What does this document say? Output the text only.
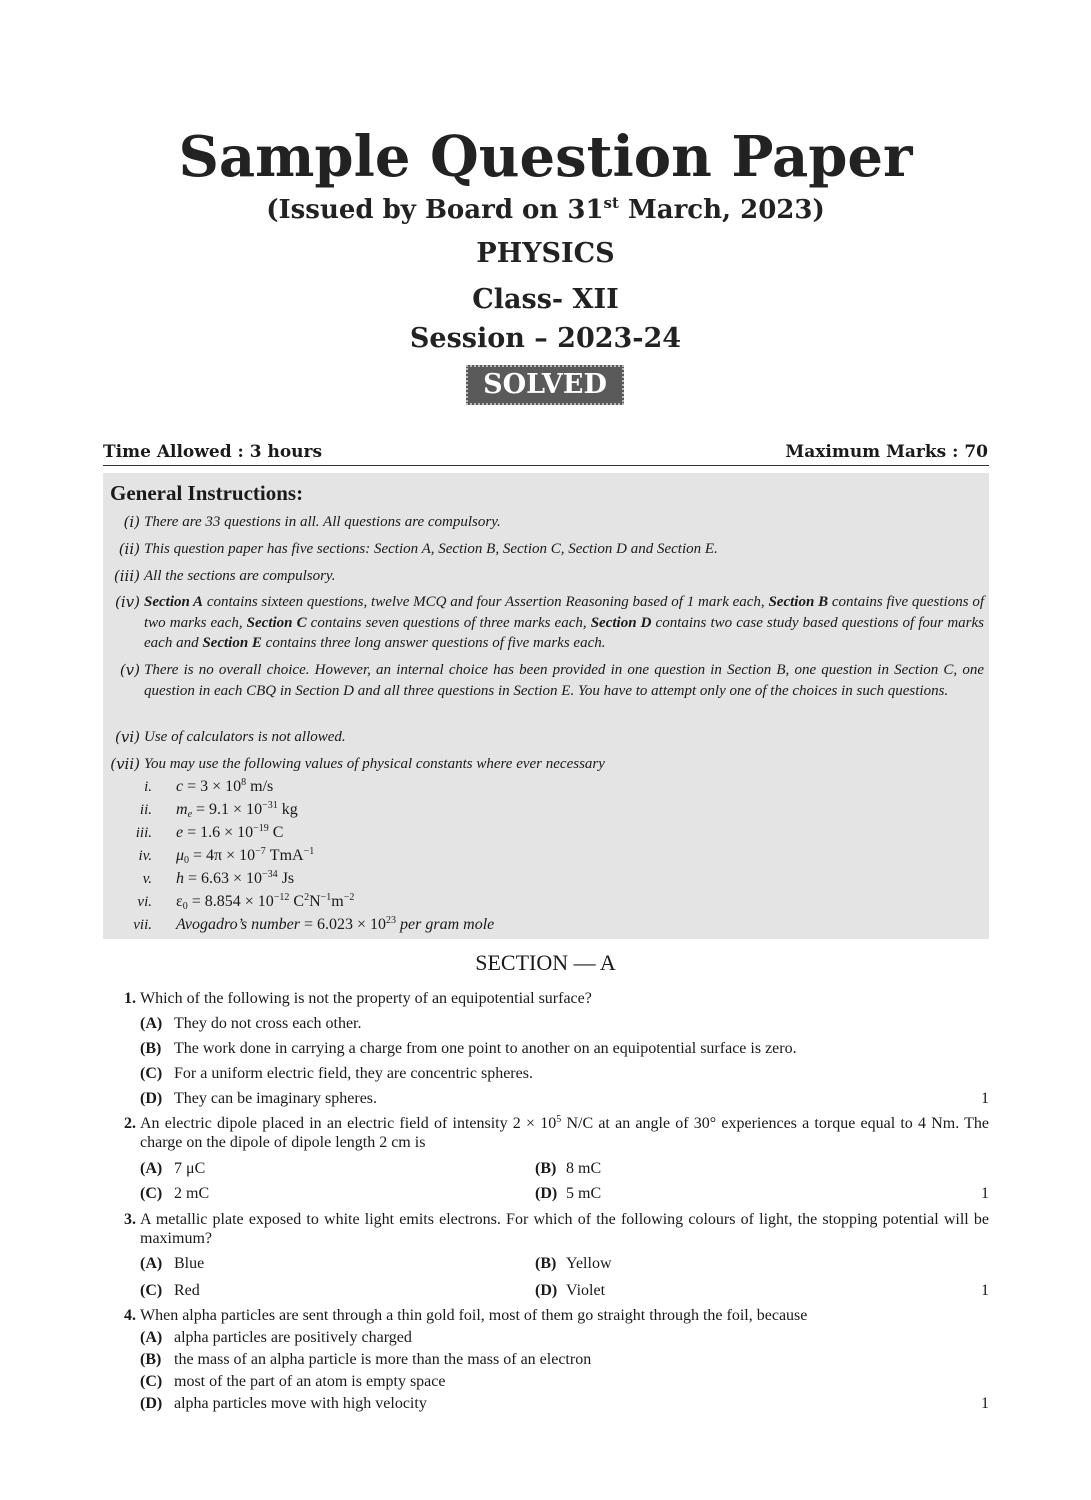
Sample Question Paper
(Issued by Board on 31st March, 2023)
PHYSICS
Class- XII
Session – 2023-24
SOLVED
Time Allowed : 3 hours	Maximum Marks : 70
General Instructions:
(i) There are 33 questions in all. All questions are compulsory.
(ii) This question paper has five sections: Section A, Section B, Section C, Section D and Section E.
(iii) All the sections are compulsory.
(iv) Section A contains sixteen questions, twelve MCQ and four Assertion Reasoning based of 1 mark each, Section B contains five questions of two marks each, Section C contains seven questions of three marks each, Section D contains two case study based questions of four marks each and Section E contains three long answer questions of five marks each.
(v) There is no overall choice. However, an internal choice has been provided in one question in Section B, one question in Section C, one question in each CBQ in Section D and all three questions in Section E. You have to attempt only one of the choices in such questions.
(vi) Use of calculators is not allowed.
(vii) You may use the following values of physical constants where ever necessary
i. $c = 3 \times 10^8$ m/s
ii. $m_e = 9.1 \times 10^{-31}$ kg
iii. $e = 1.6 \times 10^{-19}$ C
iv. $\mu_0 = 4\pi \times 10^{-7}$ TmA$^{-1}$
v. $h = 6.63 \times 10^{-34}$ Js
vi. $\varepsilon_0 = 8.854 \times 10^{-12}$ $C^2N^{-1}m^{-2}$
vii. Avogadro’s number = $6.023 \times 10^{23}$ per gram mole
SECTION — A
1. Which of the following is not the property of an equipotential surface?
(A) They do not cross each other.
(B) The work done in carrying a charge from one point to another on an equipotential surface is zero.
(C) For a uniform electric field, they are concentric spheres.
(D) They can be imaginary spheres.	1
2. An electric dipole placed in an electric field of intensity $2 \times 10^5$ N/C at an angle of 30° experiences a torque equal to 4 Nm. The charge on the dipole of dipole length 2 cm is
(A) 7 μC	(B) 8 mC
(C) 2 mC	(D) 5 mC	1
3. A metallic plate exposed to white light emits electrons. For which of the following colours of light, the stopping potential will be maximum?
(A) Blue	(B) Yellow
(C) Red	(D) Violet	1
4. When alpha particles are sent through a thin gold foil, most of them go straight through the foil, because
(A) alpha particles are positively charged
(B) the mass of an alpha particle is more than the mass of an electron
(C) most of the part of an atom is empty space
(D) alpha particles move with high velocity	1
